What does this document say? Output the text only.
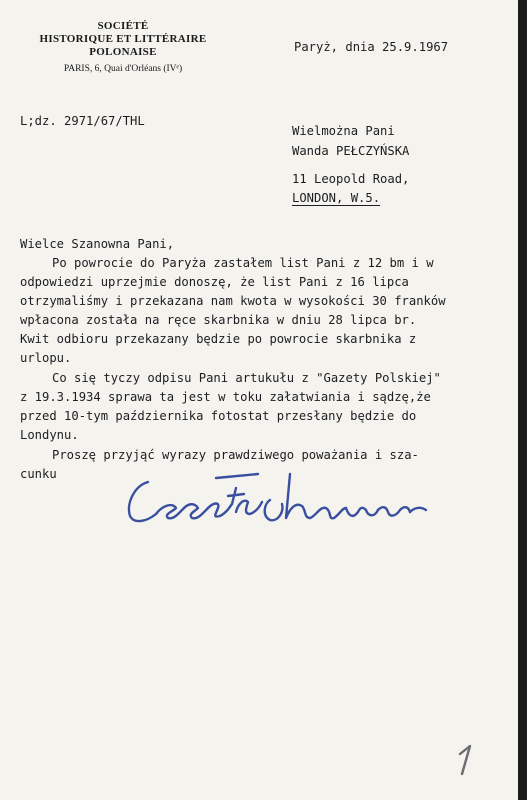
SOCIÉTÉ
HISTORIQUE ET LITTÉRAIRE
POLONAISE
PARIS, 6, Quai d'Orléans (IVᵉ)
Paryż, dnia 25.9.1967
L;dz. 2971/67/THL
Wielmożna Pani
Wanda PEŁCZYŃSKA
11 Leopold Road,
LONDON, W.5.
Wielce Szanowna Pani,
Po powrocie do Paryża zastałem list Pani z 12 bm i w
odpowiedzi uprzejmie donoszę, że list Pani z 16 lipca
otrzymaliśmy i przekazana nam kwota w wysokości 30 franków
wpłacona została na ręce skarbnika w dniu 28 lipca br.
Kwit odbioru przekazany będzie po powrocie skarbnika z
urlopu.
Co się tyczy odpisu Pani artukułu z "Gazety Polskiej"
z 19.3.1934 sprawa ta jest w toku załatwiania i sądzę,że
przed 10-tym października fotostat przesłany będzie do
Londynu.
Proszę przyjąć wyrazy prawdziwego poważania i sza-
cunku
